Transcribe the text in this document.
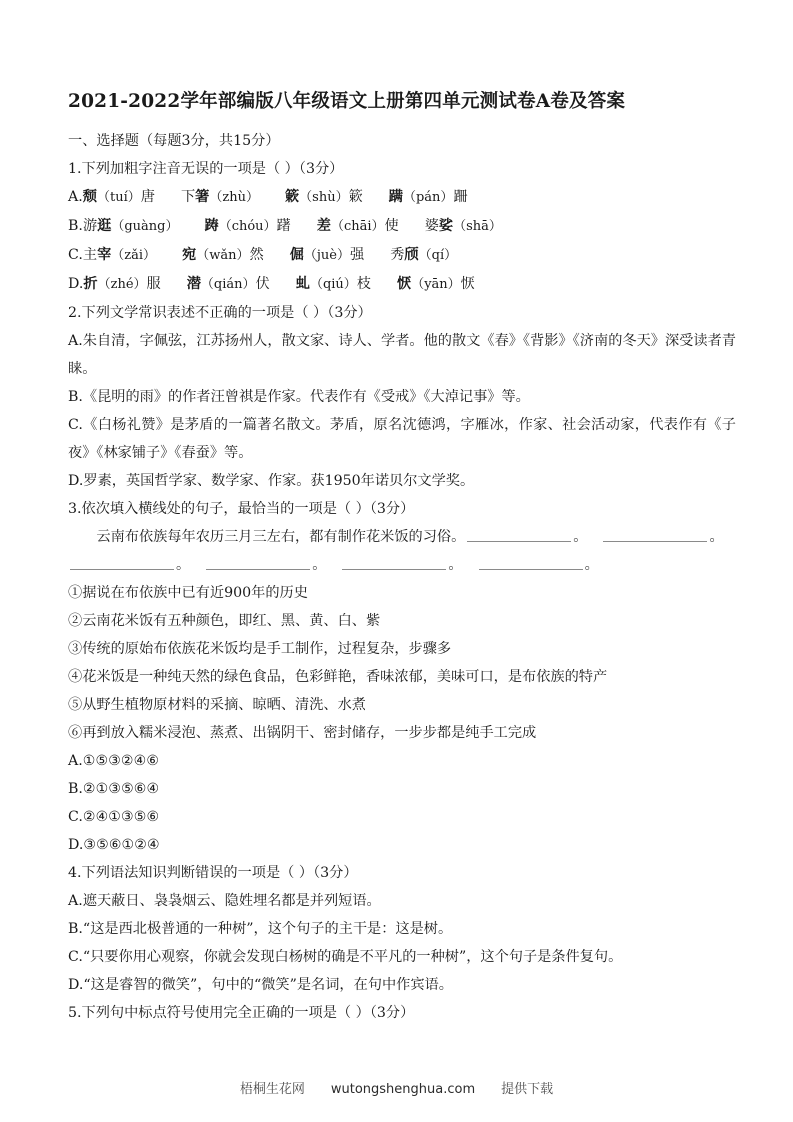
2021-2022学年部编版八年级语文上册第四单元测试卷A卷及答案

一、选择题（每题3分，共15分）

1.下列加粗字注音无误的一项是（ ）（3分）

A.颓（tuí）唐 下箸（zhù） 簌（shù）簌 蹒（pán）跚

B.游逛（guàng） 踌（chóu）躇 差（chāi）使 婆娑（shā）

C.主宰（zǎi） 宛（wǎn）然 倔（juè）强 秀颀（qí）

D.折（zhé）服 潜（qián）伏 虬（qiú）枝 恹（yān）恹

2.下列文学常识表述不正确的一项是（ ）（3分）

A.朱自清，字佩弦，江苏扬州人，散文家、诗人、学者。他的散文《春》《背影》《济南的冬天》深受读者青睐。

B.《昆明的雨》的作者汪曾祺是作家。代表作有《受戒》《大淖记事》等。

C.《白杨礼赞》是茅盾的一篇著名散文。茅盾，原名沈德鸿，字雁冰，作家、社会活动家，代表作有《子夜》《林家铺子》《春蚕》等。

D.罗素，英国哲学家、数学家、作家。获1950年诺贝尔文学奖。

3.依次填入横线处的句子，最恰当的一项是（ ）（3分）

云南布依族每年农历三月三左右，都有制作花米饭的习俗。	。	。

。	。	。	。

①据说在布依族中已有近900年的历史

②云南花米饭有五种颜色，即红、黑、黄、白、紫

③传统的原始布依族花米饭均是手工制作，过程复杂，步骤多

④花米饭是一种纯天然的绿色食品，色彩鲜艳，香味浓郁，美味可口，是布依族的特产

⑤从野生植物原材料的采摘、晾晒、清洗、水煮

⑥再到放入糯米浸泡、蒸煮、出锅阴干、密封储存，一步步都是纯手工完成

A.①⑤③②④⑥

B.②①③⑤⑥④

C.②④①③⑤⑥

D.③⑤⑥①②④

4.下列语法知识判断错误的一项是（ ）（3分）

A.遮天蔽日、袅袅烟云、隐姓埋名都是并列短语。

B.“这是西北极普通的一种树”，这个句子的主干是：这是树。

C.“只要你用心观察，你就会发现白杨树的确是不平凡的一种树”，这个句子是条件复句。

D.“这是睿智的微笑”，句中的“微笑”是名词，在句中作宾语。

5.下列句中标点符号使用完全正确的一项是（ ）（3分）

梧桐生花网 wutongshenghua.com 提供下载
